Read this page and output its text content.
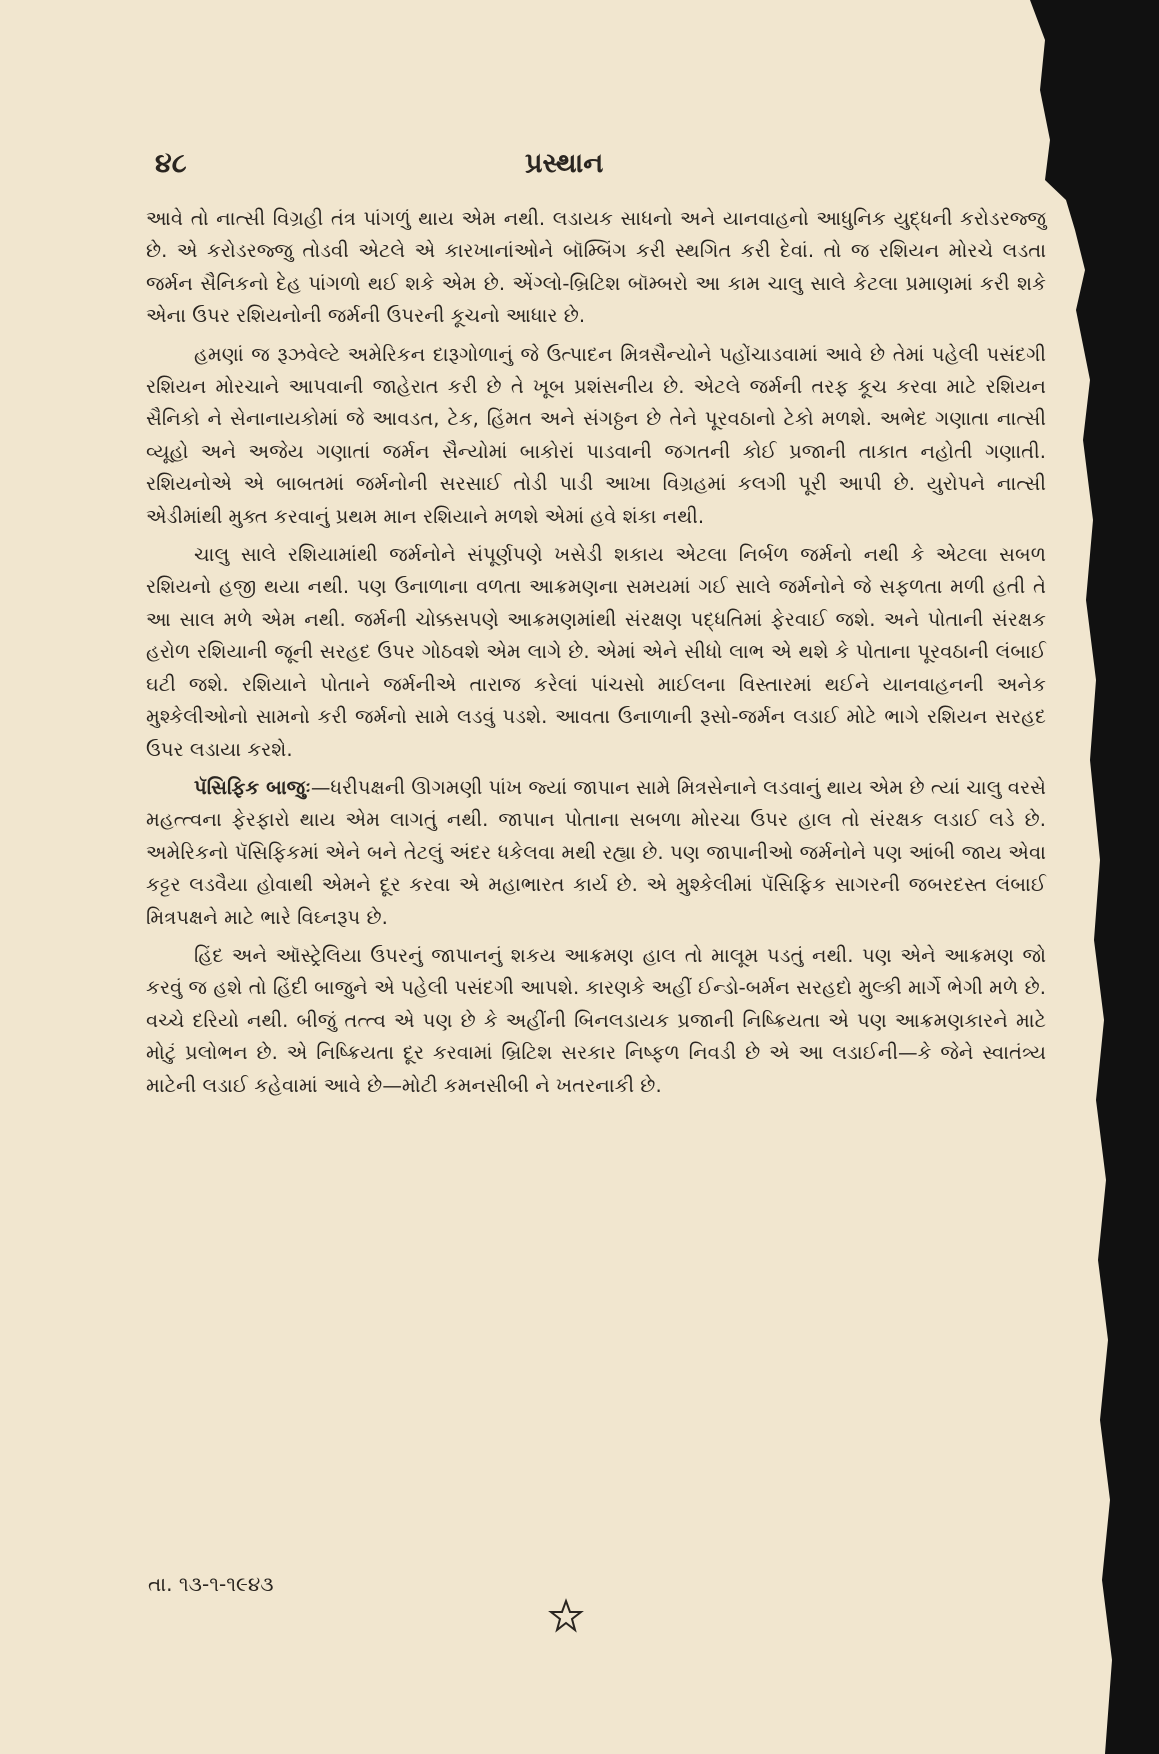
૪૮	પ્રસ્થાન

આવે તો નાત્સી વિગ્રહી તંત્ર પાંગળું થાય એમ નથી. લડાયક સાધનો અને યાનવાહનો આધુનિક યુદ્ધની કરોડરજ્જુ છે. એ કરોડરજ્જુ તોડવી એટલે એ કારખાનાંઓને બૉમ્બિંગ કરી સ્થગિત કરી દેવાં. તો જ રશિયન મોરચે લડતા જર્મન સૈનિકનો દેહ પાંગળો થઈ શકે એમ છે. એંગ્લો-બ્રિટિશ બૉમ્બરો આ કામ ચાલુ સાલે કેટલા પ્રમાણમાં કરી શકે એના ઉપર રશિયનોની જર્મની ઉપરની કૂચનો આધાર છે.

હમણાં જ રૂઝવેલ્ટે અમેરિકન દારૂગોળાનું જે ઉત્પાદન મિત્રસૈન્યોને પહોંચાડવામાં આવે છે તેમાં પહેલી પસંદગી રશિયન મોરચાને આપવાની જાહેરાત કરી છે તે ખૂબ પ્રશંસનીય છે. એટલે જર્મની તરફ કૂચ કરવા માટે રશિયન સૈનિકો ને સેનાનાયકોમાં જે આવડત, ટેક, હિંમત અને સંગઠ્ઠન છે તેને પૂરવઠાનો ટેકો મળશે. અભેદ ગણાતા નાત્સી વ્યૂહો અને અજેય ગણાતાં જર્મન સૈન્યોમાં બાકોરાં પાડવાની જગતની કોઈ પ્રજાની તાકાત નહોતી ગણાતી. રશિયનોએ એ બાબતમાં જર્મનોની સરસાઈ તોડી પાડી આખા વિગ્રહમાં કલગી પૂરી આપી છે. યુરોપને નાત્સી એડીમાંથી મુક્ત કરવાનું પ્રથમ માન રશિયાને મળશે એમાં હવે શંકા નથી.

ચાલુ સાલે રશિયામાંથી જર્મનોને સંપૂર્ણપણે ખસેડી શકાય એટલા નિર્બળ જર્મનો નથી કે એટલા સબળ રશિયનો હજી થયા નથી. પણ ઉનાળાના વળતા આક્રમણના સમયમાં ગઈ સાલે જર્મનોને જે સફળતા મળી હતી તે આ સાલ મળે એમ નથી. જર્મની ચોક્કસપણે આક્રમણમાંથી સંરક્ષણ પદ્ધતિમાં ફેરવાઈ જશે. અને પોતાની સંરક્ષક હરોળ રશિયાની જૂની સરહદ ઉપર ગોઠવશે એમ લાગે છે. એમાં એને સીધો લાભ એ થશે કે પોતાના પૂરવઠાની લંબાઈ ઘટી જશે. રશિયાને પોતાને જર્મનીએ તારાજ કરેલાં પાંચસો માઈલના વિસ્તારમાં થઈને યાનવાહનની અનેક મુશ્કેલીઓનો સામનો કરી જર્મનો સામે લડવું પડશે. આવતા ઉનાળાની રૂસો-જર્મન લડાઈ મોટે ભાગે રશિયન સરહદ ઉપર લડાયા કરશે.

પૅસિફિક બાજુઃ—ધરીપક્ષની ઊગમણી પાંખ જ્યાં જાપાન સામે મિત્રસેનાને લડવાનું થાય એમ છે ત્યાં ચાલુ વરસે મહત્ત્વના ફેરફારો થાય એમ લાગતું નથી. જાપાન પોતાના સબળા મોરચા ઉપર હાલ તો સંરક્ષક લડાઈ લડે છે. અમેરિકનો પૅસિફિકમાં એને બને તેટલું અંદર ધકેલવા મથી રહ્યા છે. પણ જાપાનીઓ જર્મનોને પણ આંબી જાય એવા કટ્ટર લડવૈયા હોવાથી એમને દૂર કરવા એ મહાભારત કાર્ય છે. એ મુશ્કેલીમાં પૅસિફિક સાગરની જબરદસ્ત લંબાઈ મિત્રપક્ષને માટે ભારે વિઘ્નરૂપ છે.

હિંદ અને ઑસ્ટ્રેલિયા ઉપરનું જાપાનનું શકય આક્રમણ હાલ તો માલૂમ પડતું નથી. પણ એને આક્રમણ જો કરવું જ હશે તો હિંદી બાજુને એ પહેલી પસંદગી આપશે. કારણકે અહીં ઈન્ડો-બર્મન સરહદો મુલ્કી માર્ગે ભેગી મળે છે. વચ્ચે દરિયો નથી. બીજું તત્ત્વ એ પણ છે કે અહીંની બિનલડાયક પ્રજાની નિષ્ક્રિયતા એ પણ આક્રમણકારને માટે મોટું પ્રલોભન છે. એ નિષ્ક્રિયતા દૂર કરવામાં બ્રિટિશ સરકાર નિષ્ફળ નિવડી છે એ આ લડાઈની—કે જેને સ્વાતંત્ર્ય માટેની લડાઈ કહેવામાં આવે છે—મોટી કમનસીબી ને ખતરનાકી છે.

તા. ૧૩-૧-૧૯૪૩
